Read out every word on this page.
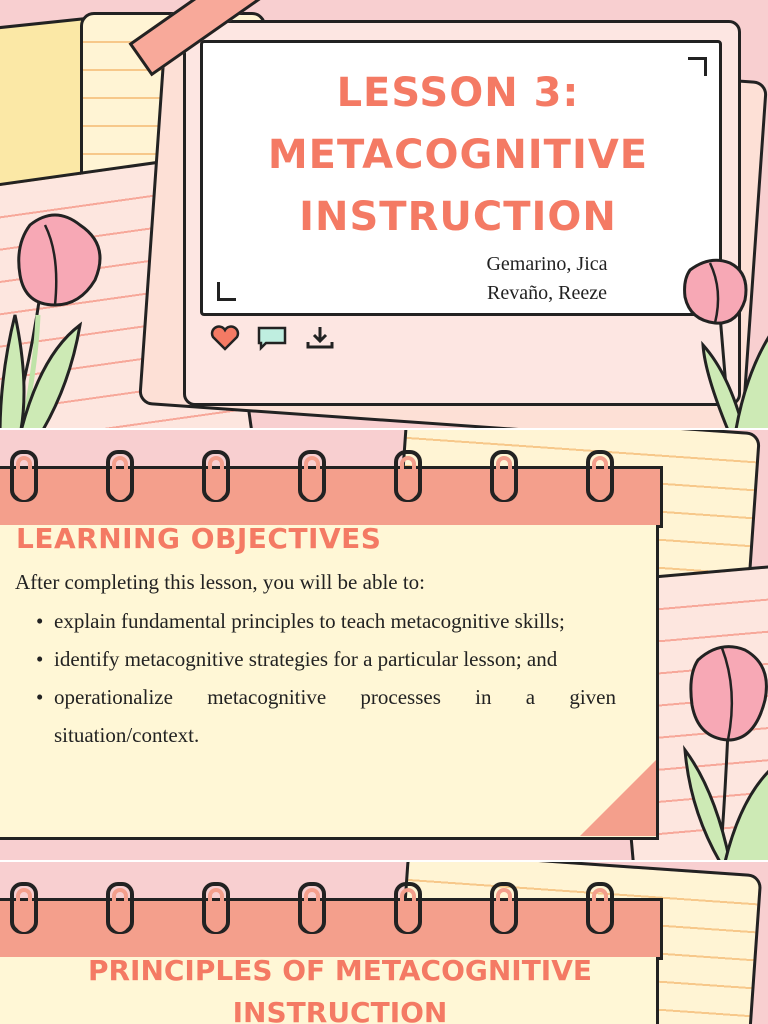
LESSON 3: METACOGNITIVE INSTRUCTION
Gemarino, Jica
Revaño, Reeze
LEARNING OBJECTIVES
After completing this lesson, you will be able to:
• explain fundamental principles to teach metacognitive skills;
• identify metacognitive strategies for a particular lesson; and
• operationalize metacognitive processes in a given situation/context.
PRINCIPLES OF METACOGNITIVE INSTRUCTION
